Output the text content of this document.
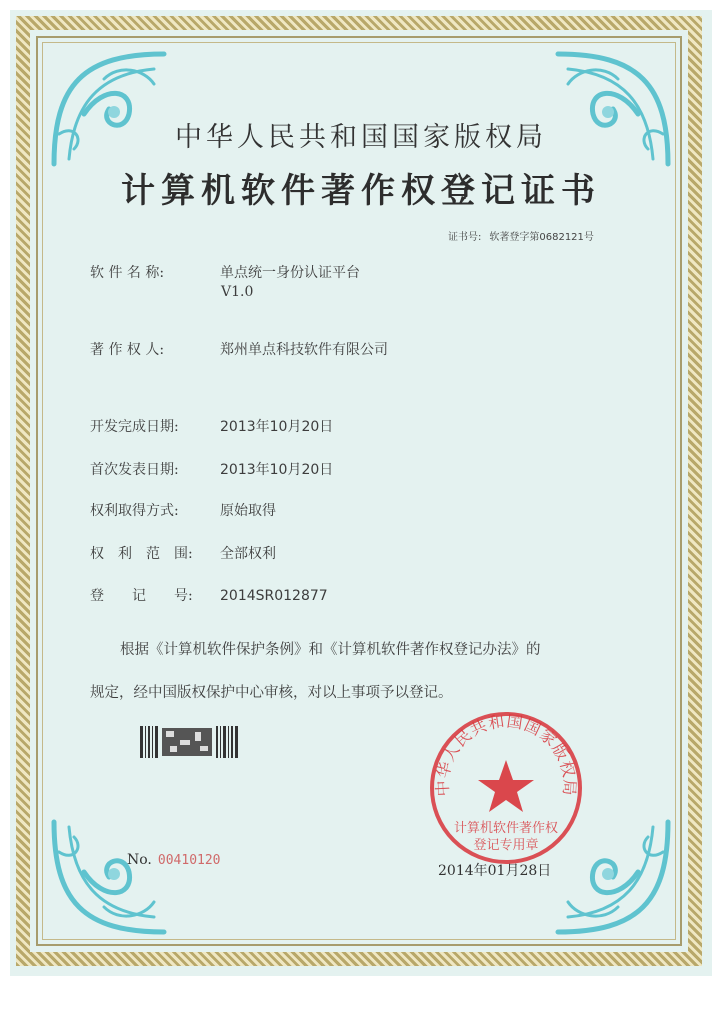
中华人民共和国国家版权局
计算机软件著作权登记证书
证书号: 软著登字第0682121号
软 件 名 称:	单点统一身份认证平台
V1.0
著 作 权 人:	郑州单点科技软件有限公司
开发完成日期:	2013年10月20日
首次发表日期:	2013年10月20日
权利取得方式:	原始取得
权　利　范　围: 全部权利
登　　记　　号: 2014SR012877
根据《计算机软件保护条例》和《计算机软件著作权登记办法》的
规定，经中国版权保护中心审核，对以上事项予以登记。
No. 00410120
中华人民共和国国家版权局
计算机软件著作权
登记专用章
2014年01月28日
